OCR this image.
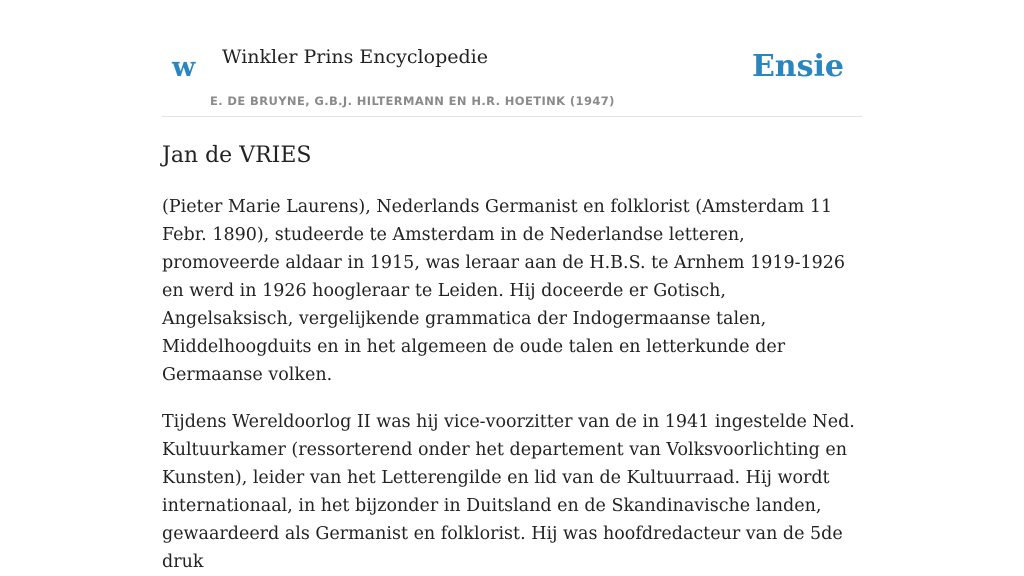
w Winkler Prins Encyclopedie
E. DE BRUYNE, G.B.J. HILTERMANN EN H.R. HOETINK (1947)
Ensie
Jan de VRIES

(Pieter Marie Laurens), Nederlands Germanist en folklorist (Amsterdam 11 Febr. 1890), studeerde te Amsterdam in de Nederlandse letteren, promoveerde aldaar in 1915, was leraar aan de H.B.S. te Arnhem 1919-1926 en werd in 1926 hoogleraar te Leiden. Hij doceerde er Gotisch, Angelsaksisch, vergelijkende grammatica der Indogermaanse talen, Middelhoogduits en in het algemeen de oude talen en letterkunde der Germaanse volken.

Tijdens Wereldoorlog II was hij vice-voorzitter van de in 1941 ingestelde Ned. Kultuurkamer (ressorterend onder het departement van Volksvoorlichting en Kunsten), leider van het Letterengilde en lid van de Kultuurraad. Hij wordt internationaal, in het bijzonder in Duitsland en de Skandinavische landen, gewaardeerd als Germanist en folklorist. Hij was hoofdredacteur van de 5de druk
